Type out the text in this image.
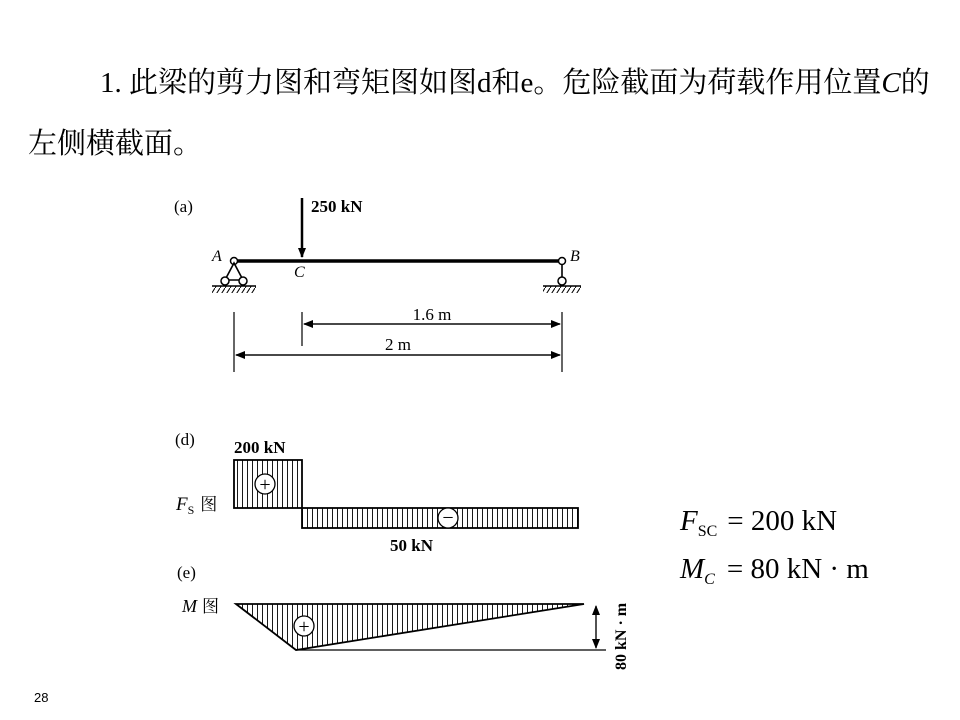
1. 此梁的剪力图和弯矩图如图d和e。危险截面为荷载作用位置C的左侧横截面。

(a)	250 kN
C
A	B
1.6 m
2 m
(d) 200 kN
+
−
50 kN
$F_S$ 图
(e)
M 图
+	80 kN · m
$F_{SC} = 200$ kN
$M_C = 80$ kN · m
28
